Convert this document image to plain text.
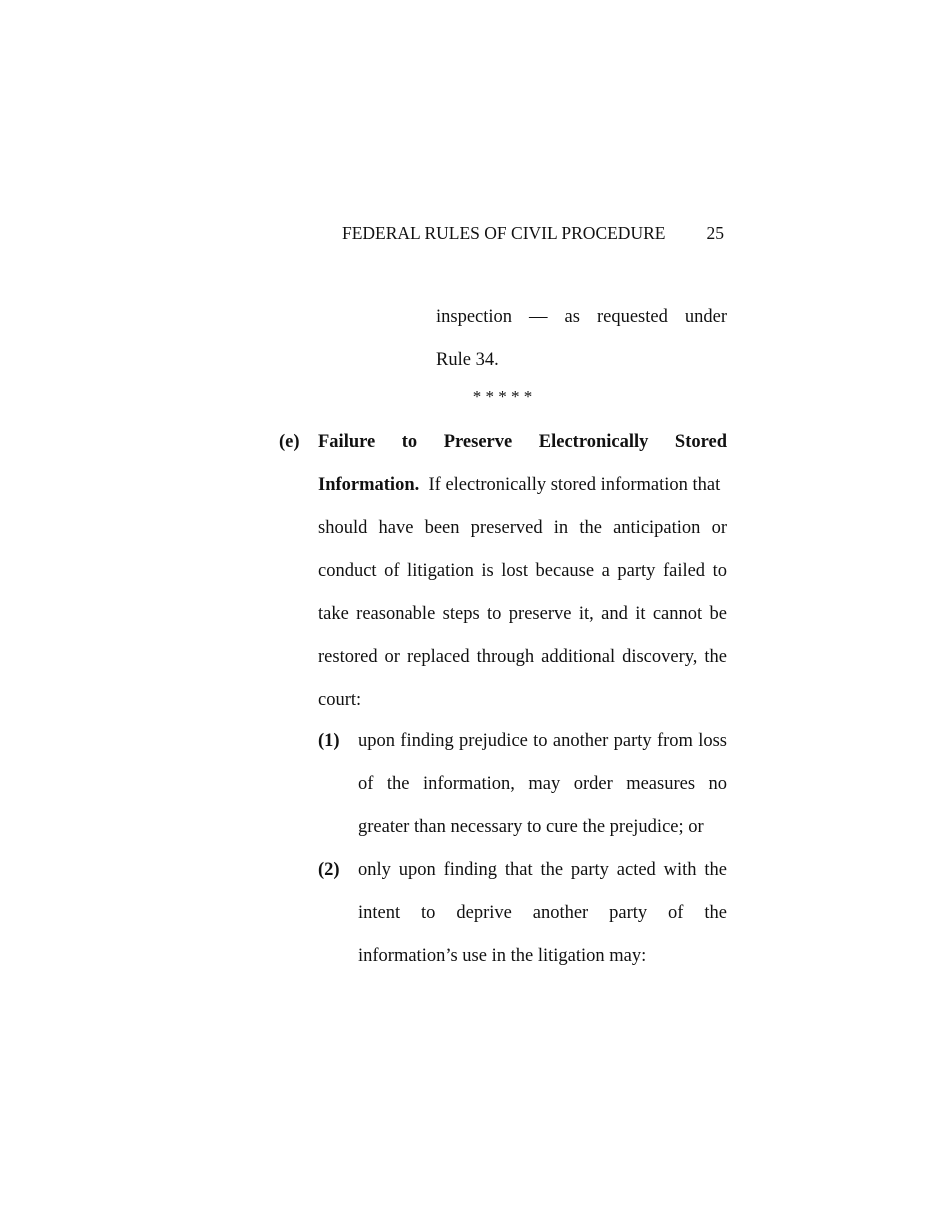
FEDERAL RULES OF CIVIL PROCEDURE 25
inspection — as requested under
Rule 34.
* * * * *
(e) Failure to Preserve Electronically Stored
Information. If electronically stored information that
should have been preserved in the anticipation or
conduct of litigation is lost because a party failed to
take reasonable steps to preserve it, and it cannot be
restored or replaced through additional discovery, the
court:
(1) upon finding prejudice to another party from loss
of the information, may order measures no
greater than necessary to cure the prejudice; or
(2) only upon finding that the party acted with the
intent to deprive another party of the
information’s use in the litigation may:
